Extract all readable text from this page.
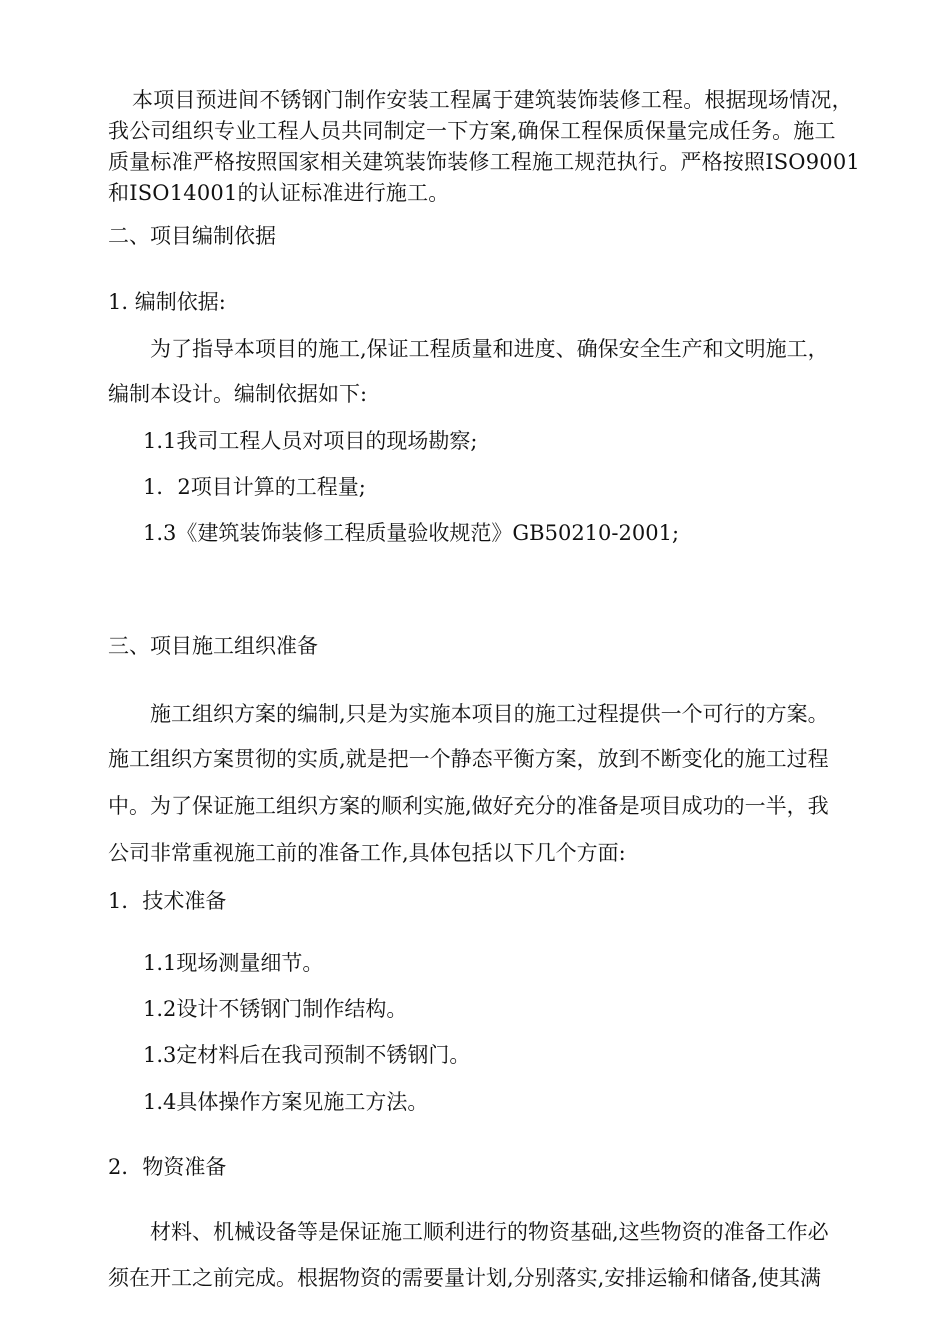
本项目预进间不锈钢门制作安装工程属于建筑装饰装修工程。根据现场情况，
我公司组织专业工程人员共同制定一下方案,确保工程保质保量完成任务。施工
质量标准严格按照国家相关建筑装饰装修工程施工规范执行。严格按照ISO9001
和ISO14001的认证标准进行施工。
二、项目编制依据
1. 编制依据:
为了指导本项目的施工,保证工程质量和进度、确保安全生产和文明施工，
编制本设计。编制依据如下:
1.1我司工程人员对项目的现场勘察;
1．2项目计算的工程量;
1.3《建筑装饰装修工程质量验收规范》GB50210-2001;
三、项目施工组织准备
施工组织方案的编制,只是为实施本项目的施工过程提供一个可行的方案。
施工组织方案贯彻的实质,就是把一个静态平衡方案，放到不断变化的施工过程
中。为了保证施工组织方案的顺利实施,做好充分的准备是项目成功的一半，我
公司非常重视施工前的准备工作,具体包括以下几个方面:
1．技术准备
1.1现场测量细节。
1.2设计不锈钢门制作结构。
1.3定材料后在我司预制不锈钢门。
1.4具体操作方案见施工方法。
2．物资准备
材料、机械设备等是保证施工顺利进行的物资基础,这些物资的准备工作必
须在开工之前完成。根据物资的需要量计划,分别落实,安排运输和储备,使其满
